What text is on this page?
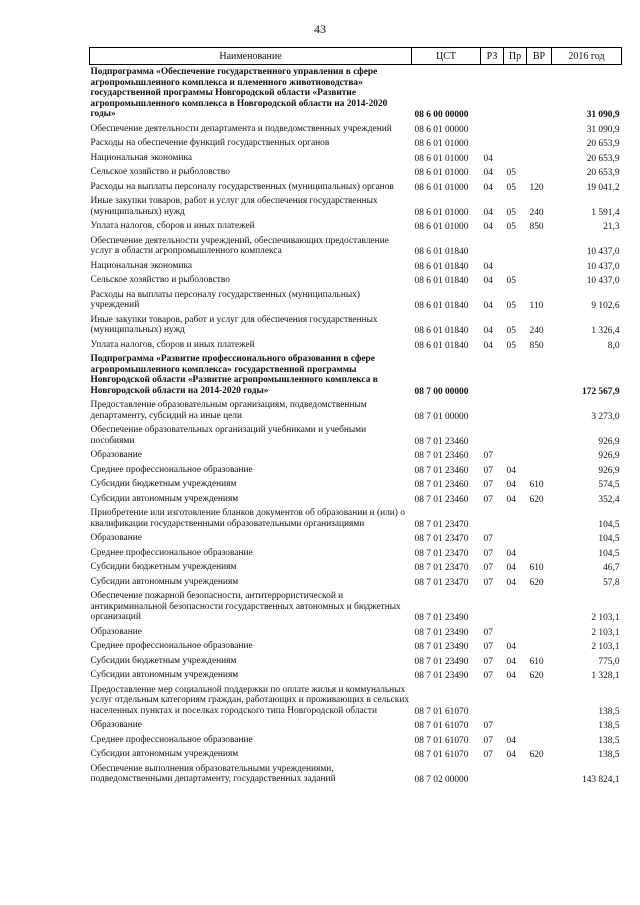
43
Наименование	ЦСТ	РЗ	Пр	ВР	2016 год
Подпрограмма «Обеспечение государственного управления в сфере агропромышленного комплекса и племенного животноводства» государственной программы Новгородской области «Развитие агропромышленного комплекса в Новгородской области на 2014-2020 годы»	08 6 00 00000				31 090,9
Обеспечение деятельности департамента и подведомственных учреждений	08 6 01 00000				31 090,9
Расходы на обеспечение функций государственных органов	08 6 01 01000				20 653,9
Национальная экономика	08 6 01 01000	04			20 653,9
Сельское хозяйство и рыболовство	08 6 01 01000	04	05		20 653,9
Расходы на выплаты персоналу государственных (муниципальных) органов	08 6 01 01000	04	05	120	19 041,2
Иные закупки товаров, работ и услуг для обеспечения государственных (муниципальных) нужд	08 6 01 01000	04	05	240	1 591,4
Уплата налогов, сборов и иных платежей	08 6 01 01000	04	05	850	21,3
Обеспечение деятельности учреждений, обеспечивающих предоставление услуг в области агропромышленного комплекса	08 6 01 01840				10 437,0
Национальная экономика	08 6 01 01840	04			10 437,0
Сельское хозяйство и рыболовство	08 6 01 01840	04	05		10 437,0
Расходы на выплаты персоналу государственных (муниципальных) учреждений	08 6 01 01840	04	05	110	9 102,6
Иные закупки товаров, работ и услуг для обеспечения государственных (муниципальных) нужд	08 6 01 01840	04	05	240	1 326,4
Уплата налогов, сборов и иных платежей	08 6 01 01840	04	05	850	8,0
Подпрограмма «Развитие профессионального образования в сфере агропромышленного комплекса» государственной программы Новгородской области «Развитие агропромышленного комплекса в Новгородской области на 2014-2020 годы»	08 7 00 00000				172 567,9
Предоставление образовательным организациям, подведомственным департаменту, субсидий на иные цели	08 7 01 00000				3 273,0
Обеспечение образовательных организаций учебниками и учебными пособиями	08 7 01 23460				926,9
Образование	08 7 01 23460	07			926,9
Среднее профессиональное образование	08 7 01 23460	07	04		926,9
Субсидии бюджетным учреждениям	08 7 01 23460	07	04	610	574,5
Субсидии автономным учреждениям	08 7 01 23460	07	04	620	352,4
Приобретение или изготовление бланков документов об образовании и (или) о квалификации государственными образовательными организациями	08 7 01 23470				104,5
Образование	08 7 01 23470	07			104,5
Среднее профессиональное образование	08 7 01 23470	07	04		104,5
Субсидии бюджетным учреждениям	08 7 01 23470	07	04	610	46,7
Субсидии автономным учреждениям	08 7 01 23470	07	04	620	57,8
Обеспечение пожарной безопасности, антитеррористической и антикриминальной безопасности государственных автономных и бюджетных организаций	08 7 01 23490				2 103,1
Образование	08 7 01 23490	07			2 103,1
Среднее профессиональное образование	08 7 01 23490	07	04		2 103,1
Субсидии бюджетным учреждениям	08 7 01 23490	07	04	610	775,0
Субсидии автономным учреждениям	08 7 01 23490	07	04	620	1 328,1
Предоставление мер социальной поддержки по оплате жилья и коммунальных услуг отдельным категориям граждан, работающих и проживающих в сельских населенных пунктах и поселках городского типа Новгородской области	08 7 01 61070				138,5
Образование	08 7 01 61070	07			138,5
Среднее профессиональное образование	08 7 01 61070	07	04		138,5
Субсидии автономным учреждениям	08 7 01 61070	07	04	620	138,5
Обеспечение выполнения образовательными учреждениями, подведомственными департаменту, государственных заданий	08 7 02 00000				143 824,1
